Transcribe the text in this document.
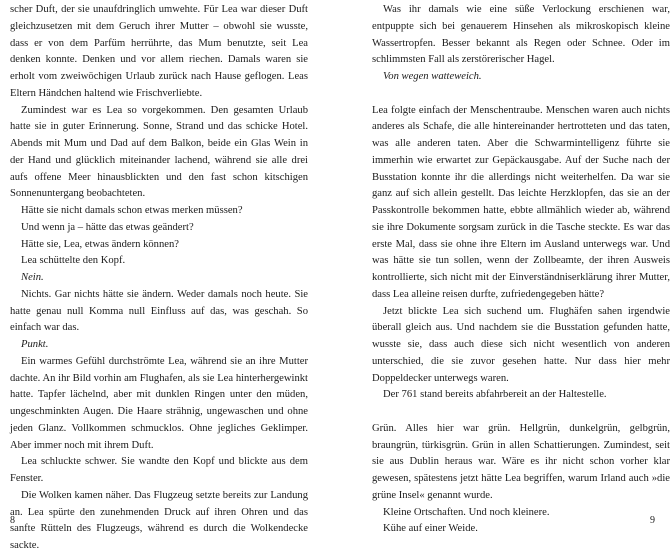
scher Duft, der sie unaufdringlich umwehte. Für Lea war dieser Duft gleichzusetzen mit dem Geruch ihrer Mutter – obwohl sie wusste, dass er von dem Parfüm herrührte, das Mum benutzte, seit Lea denken konnte. Denken und vor allem riechen. Damals waren sie erholt vom zweiwöchigen Urlaub zurück nach Hause geflogen. Leas Eltern Händchen haltend wie Frischverliebte.

Zumindest war es Lea so vorgekommen. Den gesamten Urlaub hatte sie in guter Erinnerung. Sonne, Strand und das schicke Hotel. Abends mit Mum und Dad auf dem Balkon, beide ein Glas Wein in der Hand und glücklich miteinander lachend, während sie alle drei aufs offene Meer hinausblickten und den fast schon kitschigen Sonnenuntergang beobachteten.

Hätte sie nicht damals schon etwas merken müssen?

Und wenn ja – hätte das etwas geändert?

Hätte sie, Lea, etwas ändern können?

Lea schüttelte den Kopf.

Nein.

Nichts. Gar nichts hätte sie ändern. Weder damals noch heute. Sie hatte genau null Komma null Einfluss auf das, was geschah. So einfach war das.

Punkt.

Ein warmes Gefühl durchströmte Lea, während sie an ihre Mutter dachte. An ihr Bild vorhin am Flughafen, als sie Lea hinterhergewinkt hatte. Tapfer lächelnd, aber mit dunklen Ringen unter den müden, ungeschminkten Augen. Die Haare strähnig, ungewaschen und ohne jeden Glanz. Vollkommen schmucklos. Ohne jegliches Geklimper. Aber immer noch mit ihrem Duft.

Lea schluckte schwer. Sie wandte den Kopf und blickte aus dem Fenster.

Die Wolken kamen näher. Das Flugzeug setzte bereits zur Landung an. Lea spürte den zunehmenden Druck auf ihren Ohren und das sanfte Rütteln des Flugzeugs, während es durch die Wolkendecke sackte.

8

Was ihr damals wie eine süße Verlockung erschienen war, entpuppte sich bei genauerem Hinsehen als mikroskopisch kleine Wassertropfen. Besser bekannt als Regen oder Schnee. Oder im schlimmsten Fall als zerstörerischer Hagel.

Von wegen watteweich.

Lea folgte einfach der Menschentraube. Menschen waren auch nichts anderes als Schafe, die alle hintereinander hertrotteten und das taten, was alle anderen taten. Aber die Schwarmintelligenz führte sie immerhin wie erwartet zur Gepäckausgabe. Auf der Suche nach der Busstation konnte ihr die allerdings nicht weiterhelfen. Da war sie ganz auf sich allein gestellt. Das leichte Herzklopfen, das sie an der Passkontrolle bekommen hatte, ebbte allmählich wieder ab, während sie ihre Dokumente sorgsam zurück in die Tasche steckte. Es war das erste Mal, dass sie ohne ihre Eltern im Ausland unterwegs war. Und was hätte sie tun sollen, wenn der Zollbeamte, der ihren Ausweis kontrollierte, sich nicht mit der Einverständniserklärung ihrer Mutter, dass Lea alleine reisen durfte, zufriedengegeben hätte?

Jetzt blickte Lea sich suchend um. Flughäfen sahen irgendwie überall gleich aus. Und nachdem sie die Busstation gefunden hatte, wusste sie, dass auch diese sich nicht wesentlich von anderen unterschied, die sie zuvor gesehen hatte. Nur dass hier mehr Doppeldecker unterwegs waren.

Der 761 stand bereits abfahrbereit an der Haltestelle.

Grün. Alles hier war grün. Hellgrün, dunkelgrün, gelbgrün, braungrün, türkisgrün. Grün in allen Schattierungen. Zumindest, seit sie aus Dublin heraus war. Wäre es ihr nicht schon vorher klar gewesen, spätestens jetzt hätte Lea begriffen, warum Irland auch »die grüne Insel« genannt wurde.

Kleine Ortschaften. Und noch kleinere.

Kühe auf einer Weide.

9
